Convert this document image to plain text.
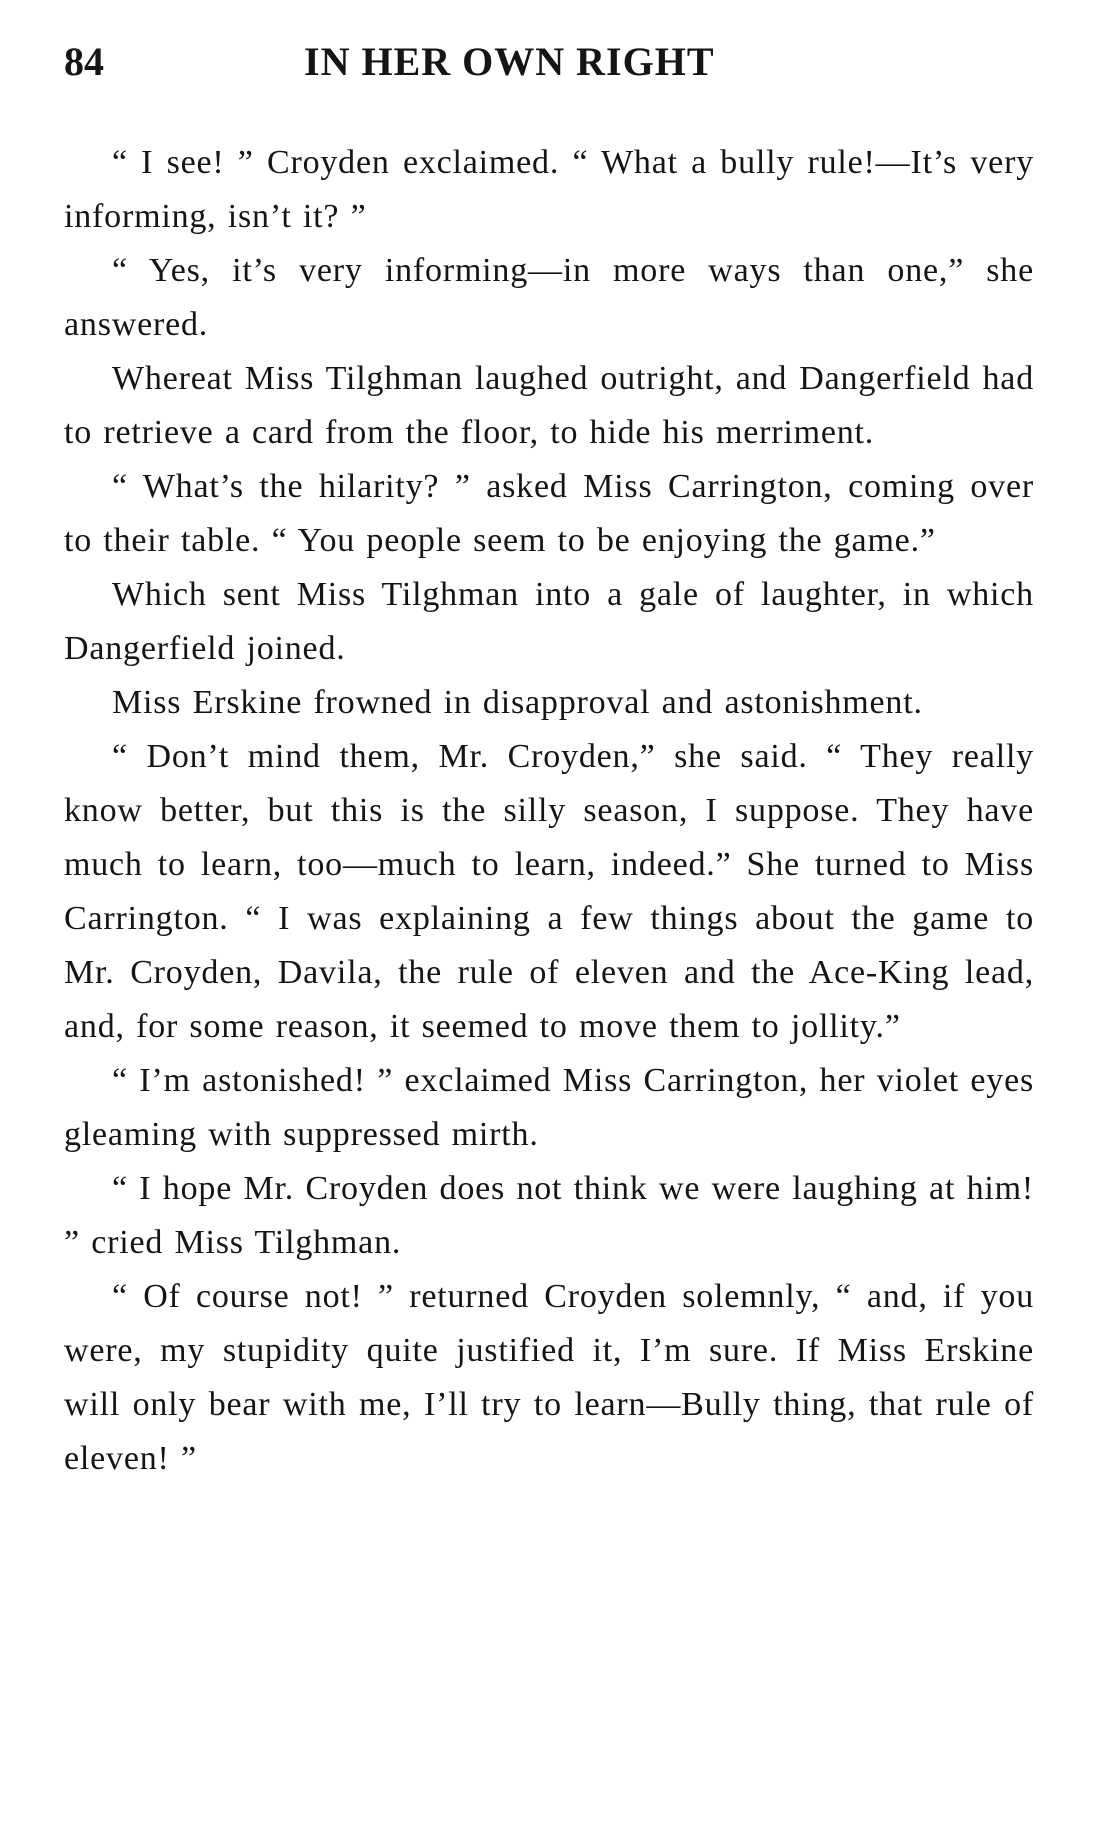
84	IN HER OWN RIGHT

“ I see! ” Croyden exclaimed. “ What a bully rule!—It’s very informing, isn’t it? ”

“ Yes, it’s very informing—in more ways than one,” she answered.

Whereat Miss Tilghman laughed outright, and Dangerfield had to retrieve a card from the floor, to hide his merriment.

“ What’s the hilarity? ” asked Miss Carrington, coming over to their table. “ You people seem to be enjoying the game.”

Which sent Miss Tilghman into a gale of laughter, in which Dangerfield joined.

Miss Erskine frowned in disapproval and astonishment.

“ Don’t mind them, Mr. Croyden,” she said. “ They really know better, but this is the silly season, I suppose. They have much to learn, too—much to learn, indeed.” She turned to Miss Carrington. “ I was explaining a few things about the game to Mr. Croyden, Davila, the rule of eleven and the Ace-King lead, and, for some reason, it seemed to move them to jollity.”

“ I’m astonished! ” exclaimed Miss Carrington, her violet eyes gleaming with suppressed mirth.

“ I hope Mr. Croyden does not think we were laughing at him! ” cried Miss Tilghman.

“ Of course not! ” returned Croyden solemnly, “ and, if you were, my stupidity quite justified it, I’m sure. If Miss Erskine will only bear with me, I’ll try to learn—Bully thing, that rule of eleven! ”
